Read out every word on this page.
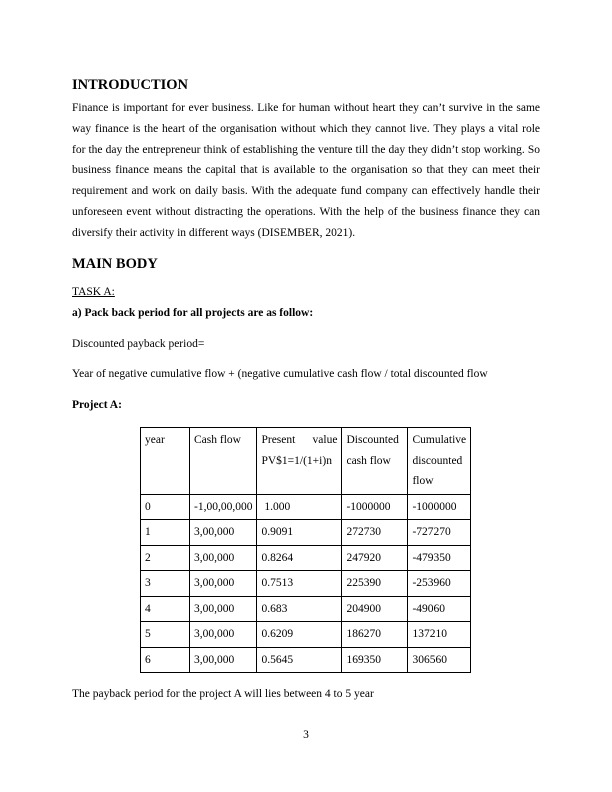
INTRODUCTION

Finance is important for ever business. Like for human without heart they can’t survive in the same way finance is the heart of the organisation without which they cannot live. They plays a vital role for the day the entrepreneur think of establishing the venture till the day they didn’t stop working. So business finance means the capital that is available to the organisation so that they can meet their requirement and work on daily basis. With the adequate fund company can effectively handle their unforeseen event without distracting the operations. With the help of the business finance they can diversify their activity in different ways (DISEMBER, 2021).

MAIN BODY

TASK A:

a) Pack back period for all projects are as follow:

Discounted payback period=

Year of negative cumulative flow + (negative cumulative cash flow / total discounted flow

Project A:

year	Cash flow	Present value PV$1=1/(1+i)n	Discounted cash flow	Cumulative discounted flow
0	-1,00,00,000	1.000	-1000000	-1000000
1	3,00,000	0.9091	272730	-727270
2	3,00,000	0.8264	247920	-479350
3	3,00,000	0.7513	225390	-253960
4	3,00,000	0.683	204900	-49060
5	3,00,000	0.6209	186270	137210
6	3,00,000	0.5645	169350	306560

The payback period for the project A will lies between 4 to 5 year

3
